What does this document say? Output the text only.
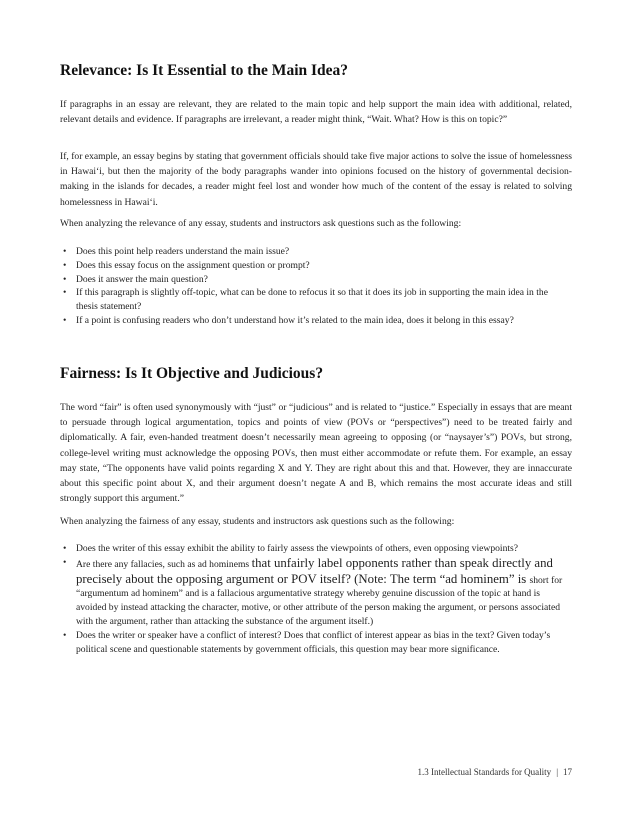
Relevance: Is It Essential to the Main Idea?

If paragraphs in an essay are relevant, they are related to the main topic and help support the main idea with additional, related, relevant details and evidence. If paragraphs are irrelevant, a reader might think, “Wait. What? How is this on topic?”

If, for example, an essay begins by stating that government officials should take five major actions to solve the issue of homelessness in Hawai‘i, but then the majority of the body paragraphs wander into opinions focused on the history of governmental decision-making in the islands for decades, a reader might feel lost and wonder how much of the content of the essay is related to solving homelessness in Hawai‘i.

When analyzing the relevance of any essay, students and instructors ask questions such as the following:

• Does this point help readers understand the main issue?
• Does this essay focus on the assignment question or prompt?
• Does it answer the main question?
• If this paragraph is slightly off-topic, what can be done to refocus it so that it does its job in supporting the main idea in the thesis statement?
• If a point is confusing readers who don’t understand how it’s related to the main idea, does it belong in this essay?
Fairness: Is It Objective and Judicious?

The word “fair” is often used synonymously with “just” or “judicious” and is related to “justice.” Especially in essays that are meant to persuade through logical argumentation, topics and points of view (POVs or “perspectives”) need to be treated fairly and diplomatically. A fair, even-handed treatment doesn’t necessarily mean agreeing to opposing (or “naysayer’s”) POVs, but strong, college-level writing must acknowledge the opposing POVs, then must either accommodate or refute them. For example, an essay may state, “The opponents have valid points regarding X and Y. They are right about this and that. However, they are innaccurate about this specific point about X, and their argument doesn’t negate A and B, which remains the most accurate ideas and still strongly support this argument.”

When analyzing the fairness of any essay, students and instructors ask questions such as the following:

• Does the writer of this essay exhibit the ability to fairly assess the viewpoints of others, even opposing viewpoints?
• Are there any fallacies, such as ad hominems that unfairly label opponents rather than speak directly and precisely about the opposing argument or POV itself? (Note: The term “ad hominem” is short for “argumentum ad hominem” and is a fallacious argumentative strategy whereby genuine discussion of the topic at hand is avoided by instead attacking the character, motive, or other attribute of the person making the argument, or persons associated with the argument, rather than attacking the substance of the argument itself.)
• Does the writer or speaker have a conflict of interest? Does that conflict of interest appear as bias in the text? Given today’s political scene and questionable statements by government officials, this question may bear more significance.
1.3 Intellectual Standards for Quality | 17
